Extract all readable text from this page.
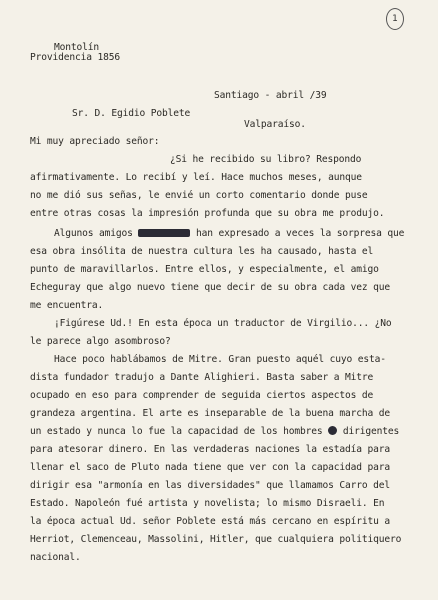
1
Montolín
Providencia 1856
Santiago - abril /39
Sr. D. Egidio Poblete
Valparaíso.
Mi muy apreciado señor:
¿Si he recibido su libro? Respondo
afirmativamente. Lo recibí y leí. Hace muchos meses, aunque
no me dió sus señas, le envié un corto comentario donde puse
entre otras cosas la impresión profunda que su obra me produjo.
Algunos amigos	han expresado a veces la sorpresa que
esa obra insólita de nuestra cultura les ha causado, hasta el
punto de maravillarlos. Entre ellos, y especialmente, el amigo
Echeguray que algo nuevo tiene que decir de su obra cada vez que
me encuentra.
¡Figúrese Ud.! En esta época un traductor de Virgilio... ¿No
le parece algo asombroso?
Hace poco hablábamos de Mitre. Gran puesto aquél cuyo esta-
dista fundador tradujo a Dante Alighieri. Basta saber a Mitre
ocupado en eso para comprender de seguida ciertos aspectos de
grandeza argentina. El arte es inseparable de la buena marcha de
un estado y nunca lo fue la capacidad de los hombres dirigentes
para atesorar dinero. En las verdaderas naciones la estadía para
llenar el saco de Pluto nada tiene que ver con la capacidad para
dirigir esa "armonía en las diversidades" que llamamos Carro del
Estado. Napoleón fué artista y novelista; lo mismo Disraeli. En
la época actual Ud. señor Poblete está más cercano en espíritu a
Herriot, Clemenceau, Massolini, Hitler, que cualquiera politiquero
nacional.
